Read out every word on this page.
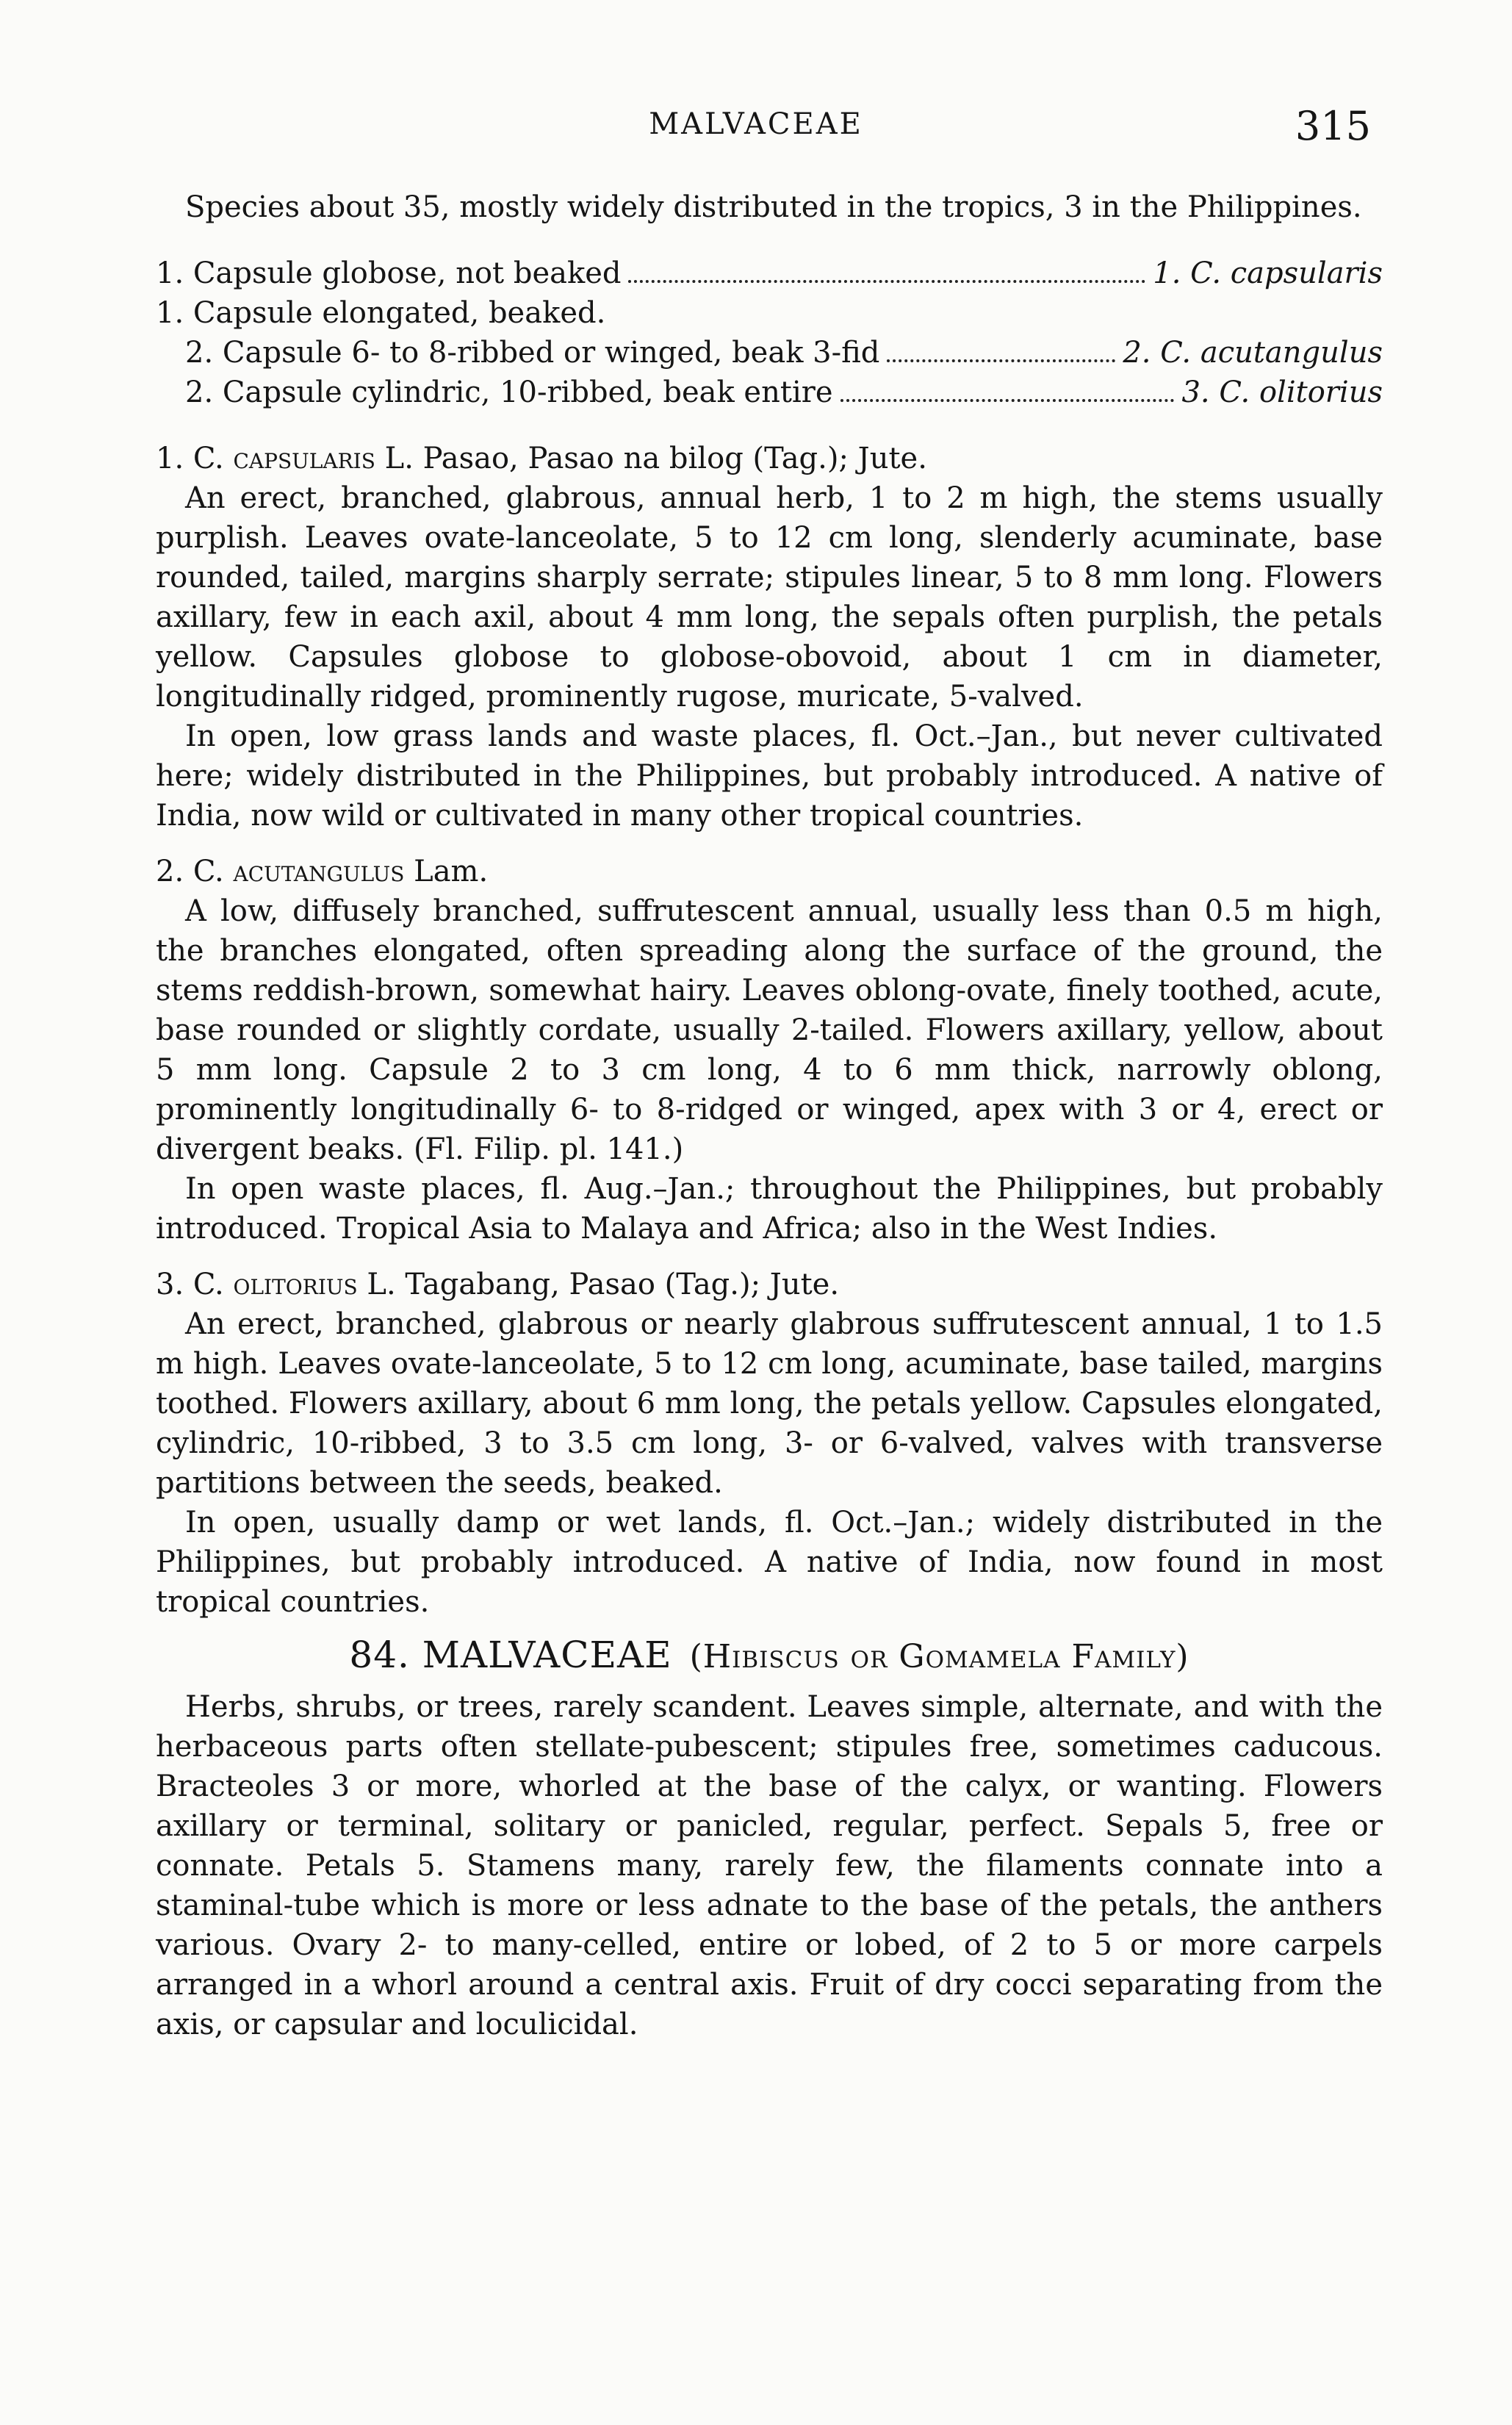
MALVACEAE	315

Species about 35, mostly widely distributed in the tropics, 3 in the Philippines.

1. Capsule globose, not beaked	1. C. capsularis
1. Capsule elongated, beaked.
2. Capsule 6- to 8-ribbed or winged, beak 3-fid	2. C. acutangulus
2. Capsule cylindric, 10-ribbed, beak entire	3. C. olitorius

1. C. capsularis L. Pasao, Pasao na bilog (Tag.); Jute.

An erect, branched, glabrous, annual herb, 1 to 2 m high, the stems usually purplish. Leaves ovate-lanceolate, 5 to 12 cm long, slenderly acuminate, base rounded, tailed, margins sharply serrate; stipules linear, 5 to 8 mm long. Flowers axillary, few in each axil, about 4 mm long, the sepals often purplish, the petals yellow. Capsules globose to globose-obovoid, about 1 cm in diameter, longitudinally ridged, prominently rugose, muricate, 5-valved.

In open, low grass lands and waste places, fl. Oct.–Jan., but never cultivated here; widely distributed in the Philippines, but probably introduced. A native of India, now wild or cultivated in many other tropical countries.

2. C. acutangulus Lam.

A low, diffusely branched, suffrutescent annual, usually less than 0.5 m high, the branches elongated, often spreading along the surface of the ground, the stems reddish-brown, somewhat hairy. Leaves oblong-ovate, finely toothed, acute, base rounded or slightly cordate, usually 2-tailed. Flowers axillary, yellow, about 5 mm long. Capsule 2 to 3 cm long, 4 to 6 mm thick, narrowly oblong, prominently longitudinally 6- to 8-ridged or winged, apex with 3 or 4, erect or divergent beaks. (Fl. Filip. pl. 141.)

In open waste places, fl. Aug.–Jan.; throughout the Philippines, but probably introduced. Tropical Asia to Malaya and Africa; also in the West Indies.

3. C. olitorius L. Tagabang, Pasao (Tag.); Jute.

An erect, branched, glabrous or nearly glabrous suffrutescent annual, 1 to 1.5 m high. Leaves ovate-lanceolate, 5 to 12 cm long, acuminate, base tailed, margins toothed. Flowers axillary, about 6 mm long, the petals yellow. Capsules elongated, cylindric, 10-ribbed, 3 to 3.5 cm long, 3- or 6-valved, valves with transverse partitions between the seeds, beaked.

In open, usually damp or wet lands, fl. Oct.–Jan.; widely distributed in the Philippines, but probably introduced. A native of India, now found in most tropical countries.

84. MALVACEAE (Hibiscus or Gomamela Family)

Herbs, shrubs, or trees, rarely scandent. Leaves simple, alternate, and with the herbaceous parts often stellate-pubescent; stipules free, sometimes caducous. Bracteoles 3 or more, whorled at the base of the calyx, or wanting. Flowers axillary or terminal, solitary or panicled, regular, perfect. Sepals 5, free or connate. Petals 5. Stamens many, rarely few, the filaments connate into a staminal-tube which is more or less adnate to the base of the petals, the anthers various. Ovary 2- to many-celled, entire or lobed, of 2 to 5 or more carpels arranged in a whorl around a central axis. Fruit of dry cocci separating from the axis, or capsular and loculicidal.
